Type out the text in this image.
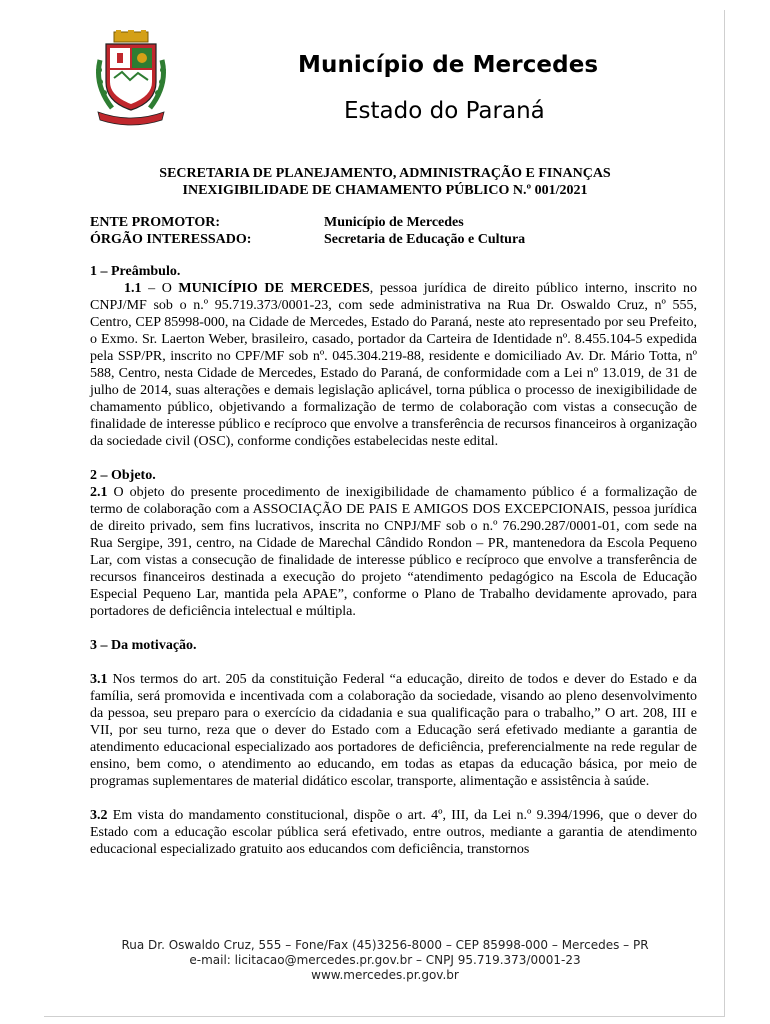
Município de Mercedes
Estado do Paraná
SECRETARIA DE PLANEJAMENTO, ADMINISTRAÇÃO E FINANÇAS
INEXIGIBILIDADE DE CHAMAMENTO PÚBLICO N.º 001/2021
ENTE PROMOTOR:	Município de Mercedes
ÓRGÃO INTERESSADO:	Secretaria de Educação e Cultura

1 – Preâmbulo.

1.1 – O MUNICÍPIO DE MERCEDES, pessoa jurídica de direito público interno, inscrito no CNPJ/MF sob o n.º 95.719.373/0001-23, com sede administrativa na Rua Dr. Oswaldo Cruz, nº 555, Centro, CEP 85998-000, na Cidade de Mercedes, Estado do Paraná, neste ato representado por seu Prefeito, o Exmo. Sr. Laerton Weber, brasileiro, casado, portador da Carteira de Identidade nº. 8.455.104-5 expedida pela SSP/PR, inscrito no CPF/MF sob nº. 045.304.219-88, residente e domiciliado Av. Dr. Mário Totta, nº 588, Centro, nesta Cidade de Mercedes, Estado do Paraná, de conformidade com a Lei nº 13.019, de 31 de julho de 2014, suas alterações e demais legislação aplicável, torna pública o processo de inexigibilidade de chamamento público, objetivando a formalização de termo de colaboração com vistas a consecução de finalidade de interesse público e recíproco que envolve a transferência de recursos financeiros à organização da sociedade civil (OSC), conforme condições estabelecidas neste edital.

2 – Objeto.

2.1 O objeto do presente procedimento de inexigibilidade de chamamento público é a formalização de termo de colaboração com a ASSOCIAÇÃO DE PAIS E AMIGOS DOS EXCEPCIONAIS, pessoa jurídica de direito privado, sem fins lucrativos, inscrita no CNPJ/MF sob o n.º 76.290.287/0001-01, com sede na Rua Sergipe, 391, centro, na Cidade de Marechal Cândido Rondon – PR, mantenedora da Escola Pequeno Lar, com vistas a consecução de finalidade de interesse público e recíproco que envolve a transferência de recursos financeiros destinada a execução do projeto “atendimento pedagógico na Escola de Educação Especial Pequeno Lar, mantida pela APAE”, conforme o Plano de Trabalho devidamente aprovado, para portadores de deficiência intelectual e múltipla.

3 – Da motivação.

3.1 Nos termos do art. 205 da constituição Federal “a educação, direito de todos e dever do Estado e da família, será promovida e incentivada com a colaboração da sociedade, visando ao pleno desenvolvimento da pessoa, seu preparo para o exercício da cidadania e sua qualificação para o trabalho,” O art. 208, III e VII, por seu turno, reza que o dever do Estado com a Educação será efetivado mediante a garantia de atendimento educacional especializado aos portadores de deficiência, preferencialmente na rede regular de ensino, bem como, o atendimento ao educando, em todas as etapas da educação básica, por meio de programas suplementares de material didático escolar, transporte, alimentação e assistência à saúde.

3.2 Em vista do mandamento constitucional, dispõe o art. 4º, III, da Lei n.º 9.394/1996, que o dever do Estado com a educação escolar pública será efetivado, entre outros, mediante a garantia de atendimento educacional especializado gratuito aos educandos com deficiência, transtornos

Rua Dr. Oswaldo Cruz, 555 – Fone/Fax (45)3256-8000 – CEP 85998-000 – Mercedes – PR
e-mail: licitacao@mercedes.pr.gov.br – CNPJ 95.719.373/0001-23
www.mercedes.pr.gov.br
